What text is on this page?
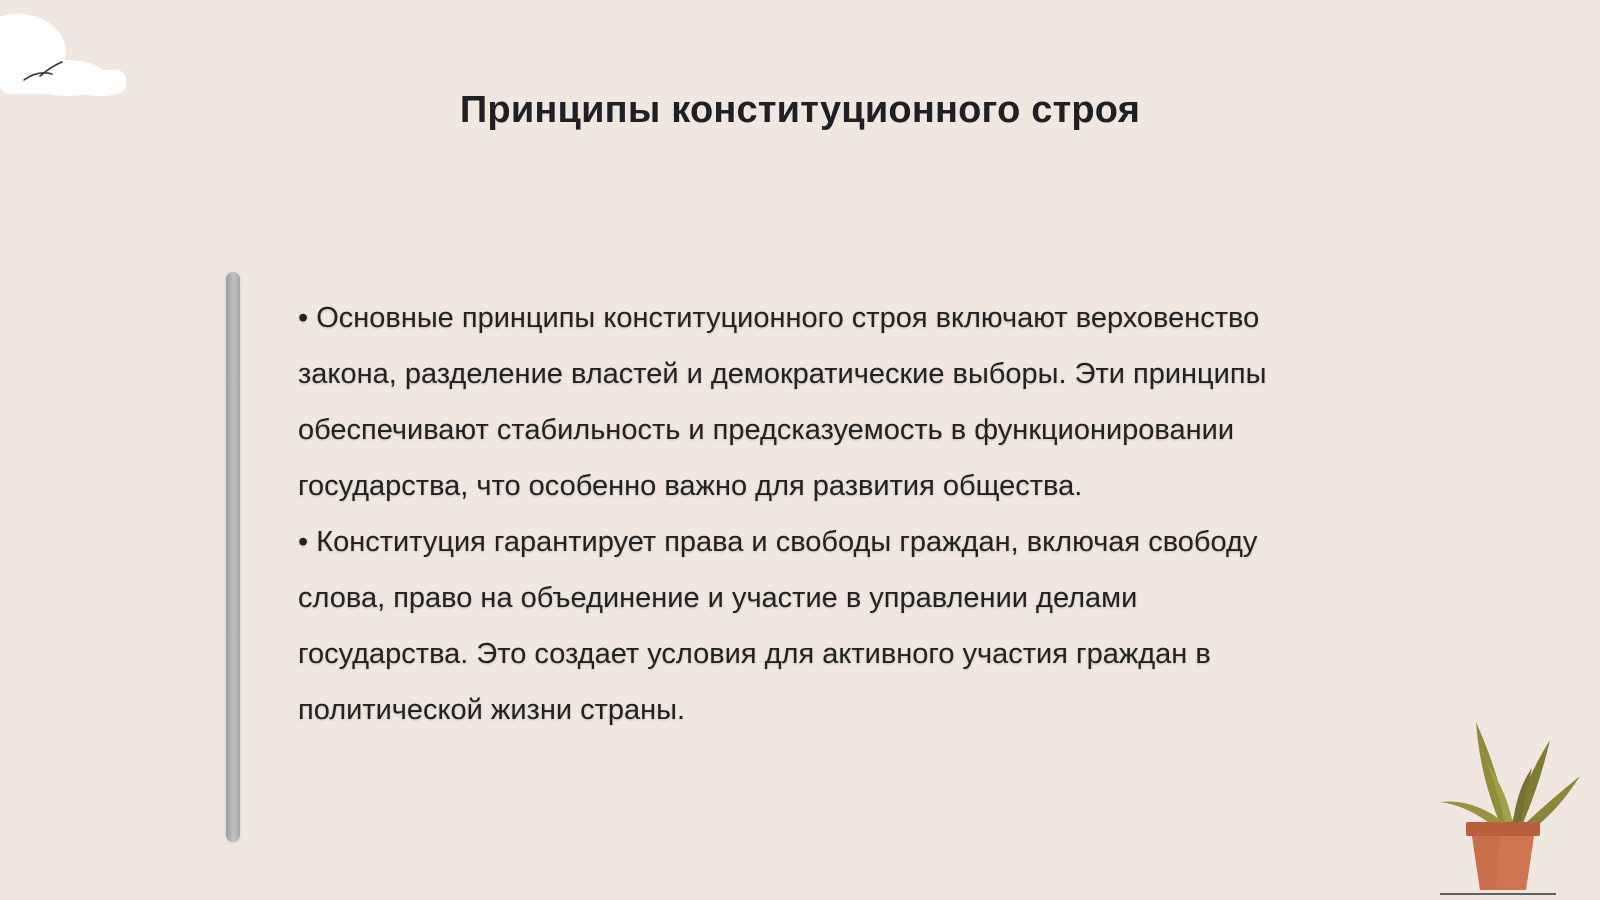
Принципы конституционного строя

• Основные принципы конституционного строя включают верховенство закона, разделение властей и демократические выборы. Эти принципы обеспечивают стабильность и предсказуемость в функционировании государства, что особенно важно для развития общества.

• Конституция гарантирует права и свободы граждан, включая свободу слова, право на объединение и участие в управлении делами государства. Это создает условия для активного участия граждан в политической жизни страны.
